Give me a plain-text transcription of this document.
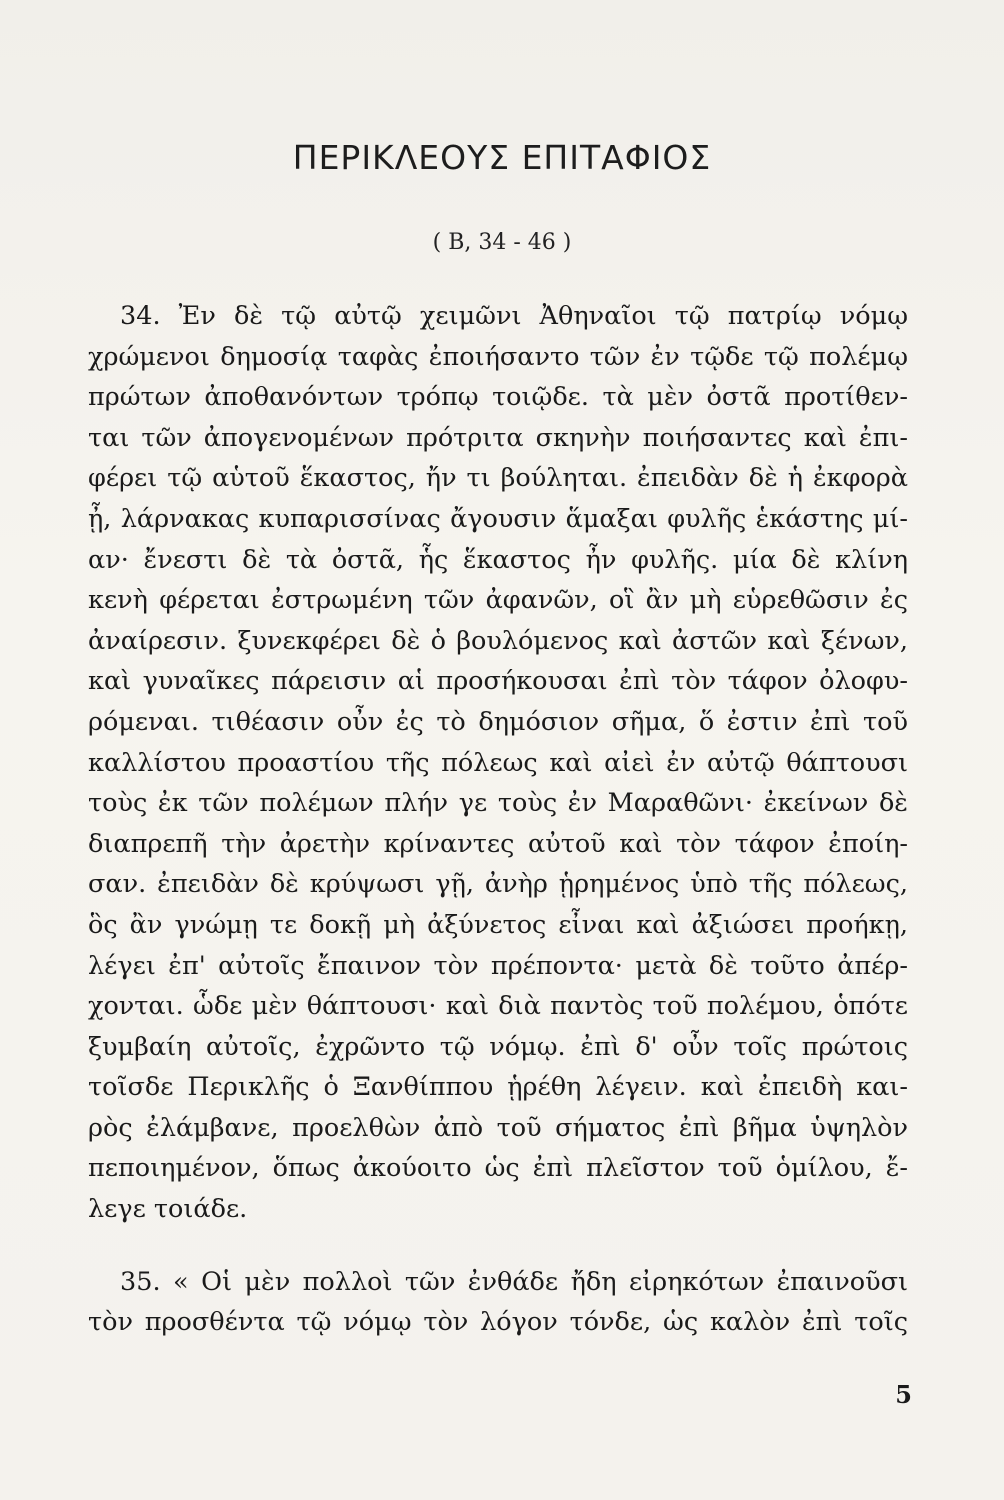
ΠΕΡΙΚΛΕΟΥΣ ΕΠΙΤΑΦΙΟΣ

( B, 34 - 46 )

34. Ἐν δὲ τῷ αὐτῷ χειμῶνι Ἀθηναῖοι τῷ πατρίῳ νόμῳ
χρώμενοι δημοσίᾳ ταφὰς ἐποιήσαντο τῶν ἐν τῷδε τῷ πολέμῳ
πρώτων ἀποθανόντων τρόπῳ τοιῷδε. τὰ μὲν ὀστᾶ προτίθεν-
ται τῶν ἀπογενομένων πρότριτα σκηνὴν ποιήσαντες καὶ ἐπι-
φέρει τῷ αὑτοῦ ἕκαστος, ἤν τι βούληται. ἐπειδὰν δὲ ἡ ἐκφορὰ
ᾖ, λάρνακας κυπαρισσίνας ἄγουσιν ἅμαξαι φυλῆς ἑκάστης μί-
αν· ἔνεστι δὲ τὰ ὀστᾶ, ἧς ἕκαστος ἦν φυλῆς. μία δὲ κλίνη
κενὴ φέρεται ἐστρωμένη τῶν ἀφανῶν, οἳ ἂν μὴ εὑρεθῶσιν ἐς
ἀναίρεσιν. ξυνεκφέρει δὲ ὁ βουλόμενος καὶ ἀστῶν καὶ ξένων,
καὶ γυναῖκες πάρεισιν αἱ προσήκουσαι ἐπὶ τὸν τάφον ὀλοφυ-
ρόμεναι. τιθέασιν οὖν ἐς τὸ δημόσιον σῆμα, ὅ ἐστιν ἐπὶ τοῦ
καλλίστου προαστίου τῆς πόλεως καὶ αἰεὶ ἐν αὐτῷ θάπτουσι
τοὺς ἐκ τῶν πολέμων πλήν γε τοὺς ἐν Μαραθῶνι· ἐκείνων δὲ
διαπρεπῆ τὴν ἀρετὴν κρίναντες αὐτοῦ καὶ τὸν τάφον ἐποίη-
σαν. ἐπειδὰν δὲ κρύψωσι γῇ, ἀνὴρ ᾑρημένος ὑπὸ τῆς πόλεως,
ὃς ἂν γνώμῃ τε δοκῇ μὴ ἀξύνετος εἶναι καὶ ἀξιώσει προήκῃ,
λέγει ἐπ' αὐτοῖς ἔπαινον τὸν πρέποντα· μετὰ δὲ τοῦτο ἀπέρ-
χονται. ὧδε μὲν θάπτουσι· καὶ διὰ παντὸς τοῦ πολέμου, ὁπότε
ξυμβαίη αὐτοῖς, ἐχρῶντο τῷ νόμῳ. ἐπὶ δ' οὖν τοῖς πρώτοις
τοῖσδε Περικλῆς ὁ Ξανθίππου ᾑρέθη λέγειν. καὶ ἐπειδὴ και-
ρὸς ἐλάμβανε, προελθὼν ἀπὸ τοῦ σήματος ἐπὶ βῆμα ὑψηλὸν
πεποιημένον, ὅπως ἀκούοιτο ὡς ἐπὶ πλεῖστον τοῦ ὁμίλου, ἔ-
λεγε τοιάδε.
35. « Οἱ μὲν πολλοὶ τῶν ἐνθάδε ἤδη εἰρηκότων ἐπαινοῦσι
τὸν προσθέντα τῷ νόμῳ τὸν λόγον τόνδε, ὡς καλὸν ἐπὶ τοῖς
5
